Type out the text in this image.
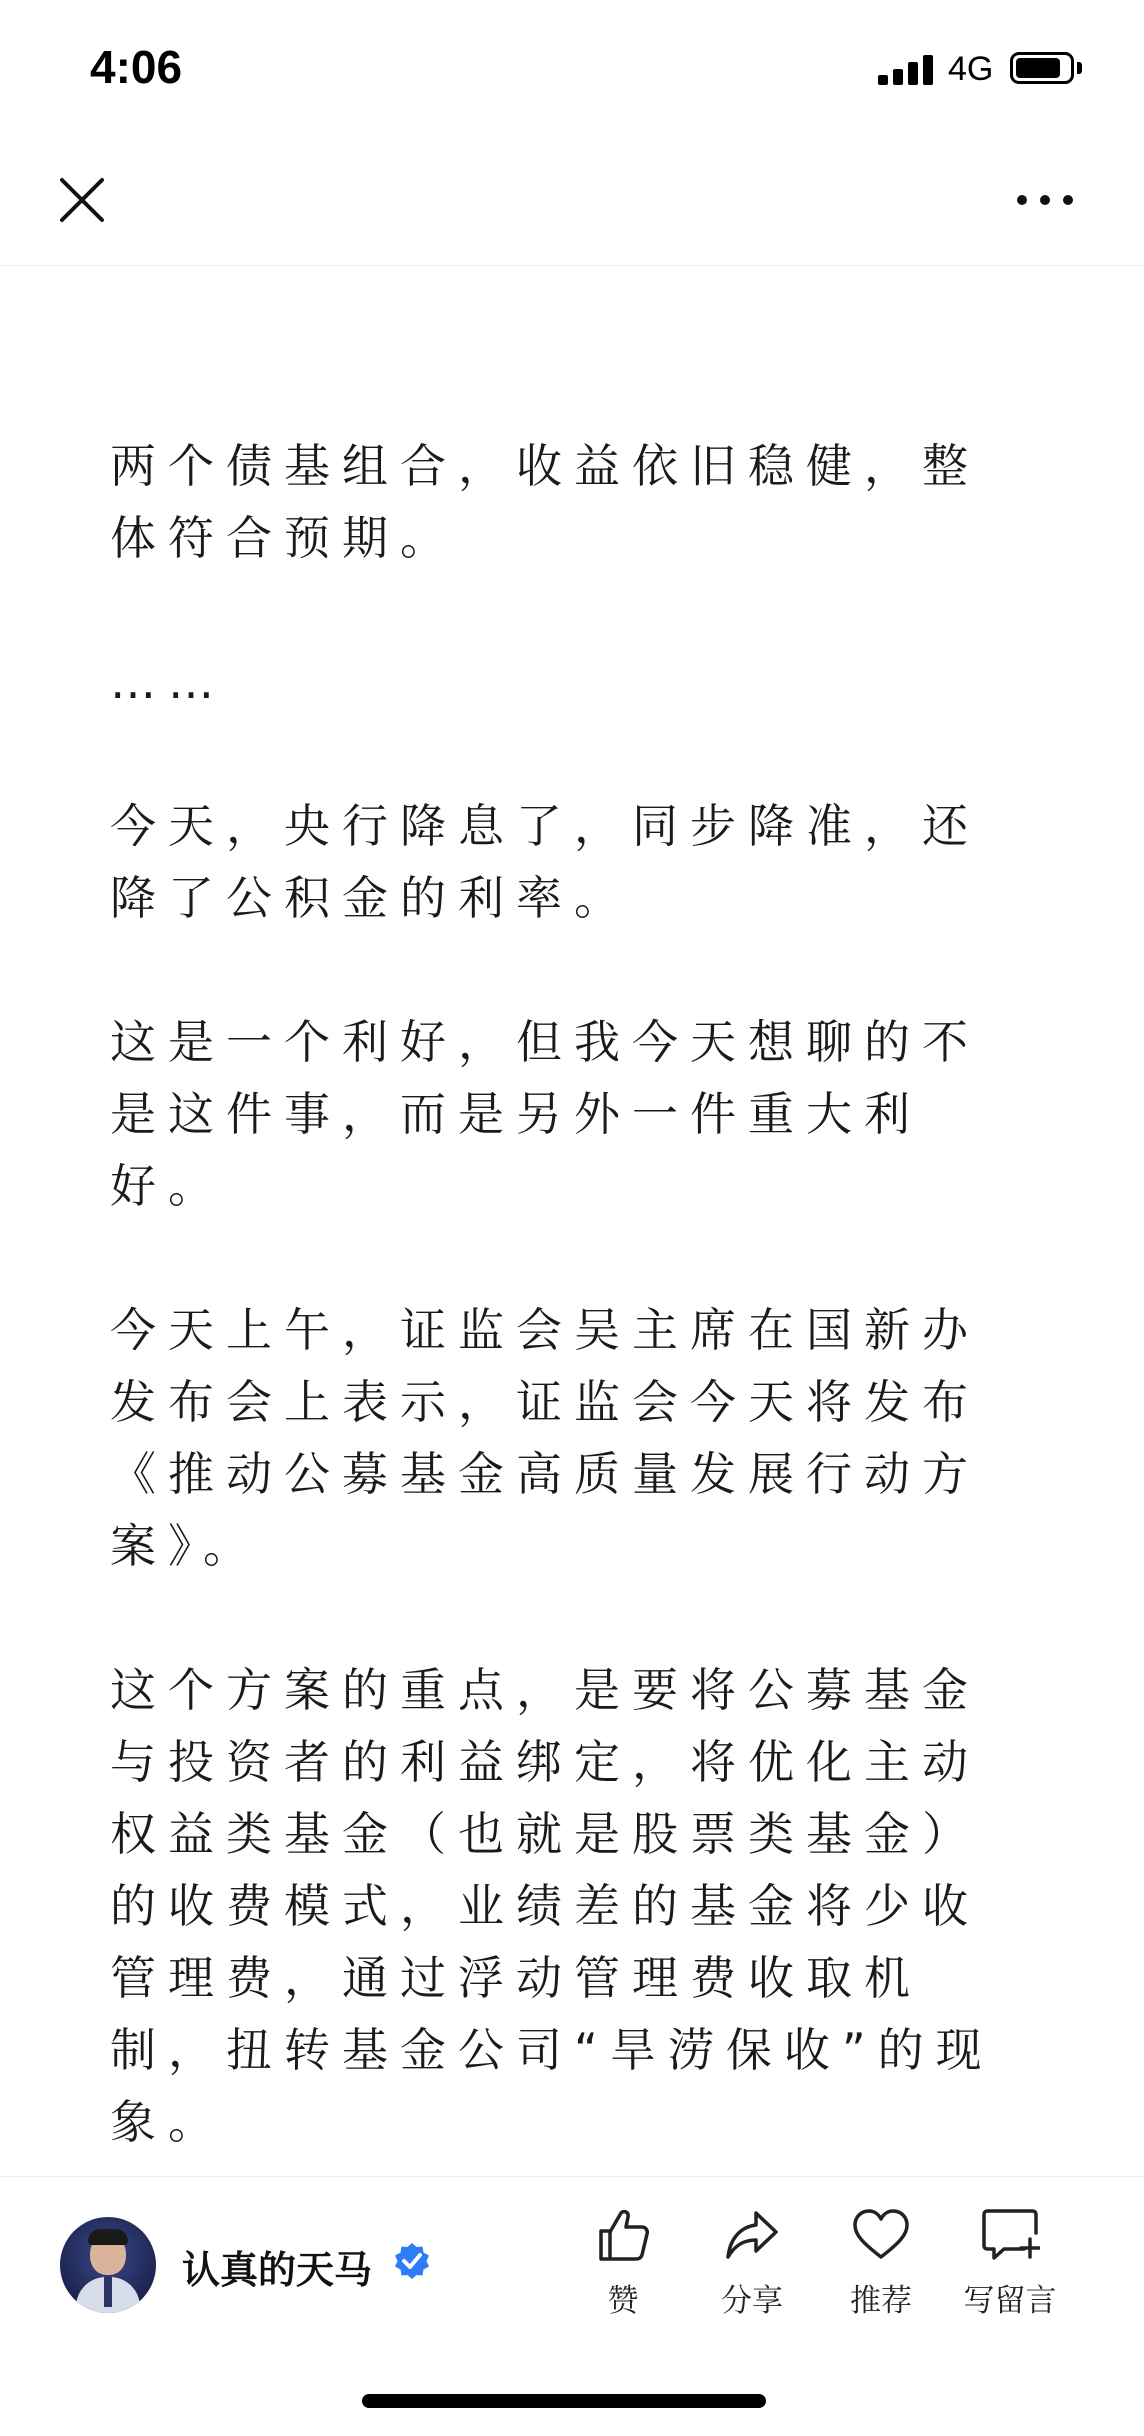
4:06	4G

两个债基组合，收益依旧稳健，整体符合预期。

……

今天，央行降息了，同步降准，还降了公积金的利率。

这是一个利好，但我今天想聊的不是这件事，而是另外一件重大利好。

今天上午，证监会吴主席在国新办发布会上表示，证监会今天将发布《推动公募基金高质量发展行动方案》。

这个方案的重点，是要将公募基金与投资者的利益绑定，将优化主动权益类基金（也就是股票类基金）的收费模式，业绩差的基金将少收管理费，通过浮动管理费收取机制，扭转基金公司“旱涝保收”的现象。

认真的天马
赞	分享	推荐	写留言
